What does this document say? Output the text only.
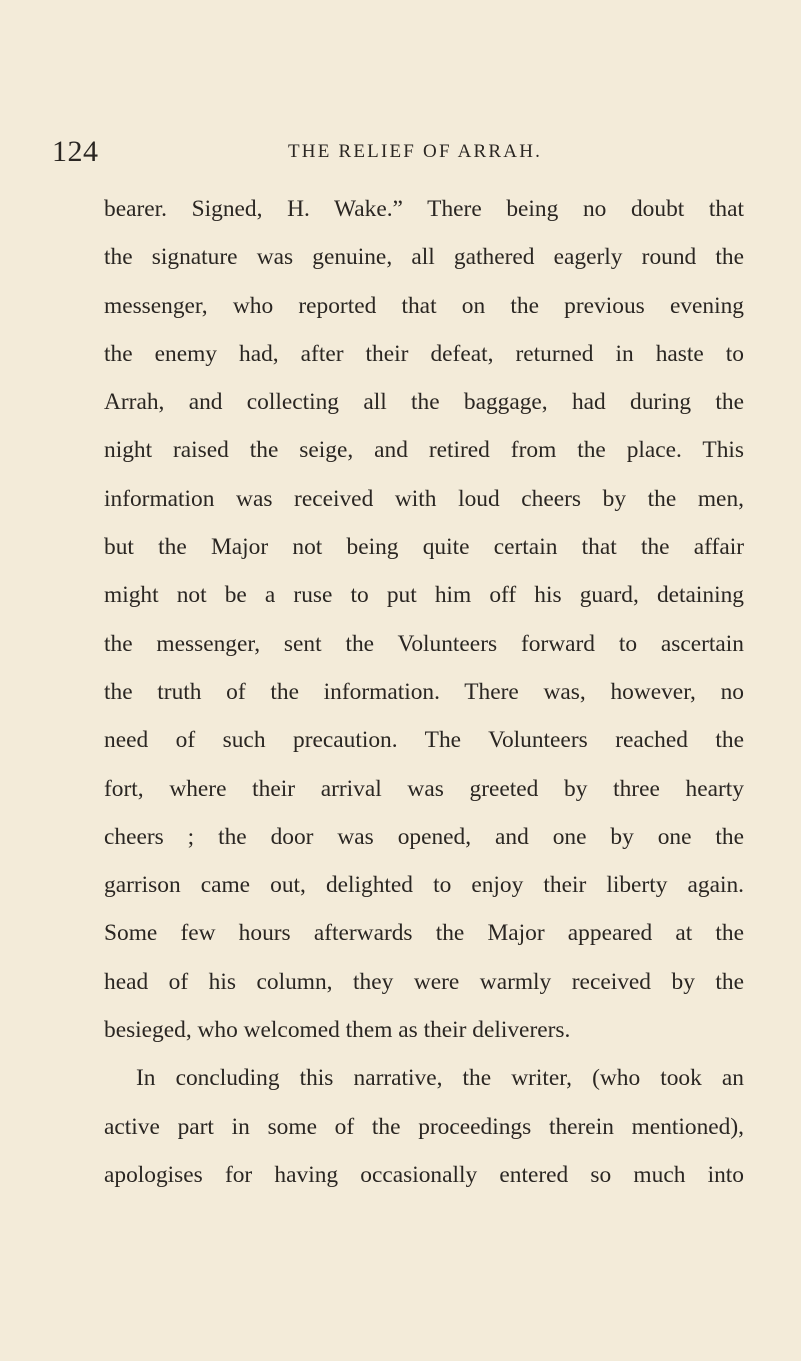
124	THE RELIEF OF ARRAH.
bearer. Signed, H. Wake.” There being no doubt that
the signature was genuine, all gathered eagerly round the
messenger, who reported that on the previous evening
the enemy had, after their defeat, returned in haste to
Arrah, and collecting all the baggage, had during the
night raised the seige, and retired from the place. This
information was received with loud cheers by the men,
but the Major not being quite certain that the affair
might not be a ruse to put him off his guard, detaining
the messenger, sent the Volunteers forward to ascertain
the truth of the information. There was, however, no
need of such precaution. The Volunteers reached the
fort, where their arrival was greeted by three hearty
cheers ; the door was opened, and one by one the
garrison came out, delighted to enjoy their liberty again.
Some few hours afterwards the Major appeared at the
head of his column, they were warmly received by the
besieged, who welcomed them as their deliverers.
In concluding this narrative, the writer, (who took an
active part in some of the proceedings therein mentioned),
apologises for having occasionally entered so much into
